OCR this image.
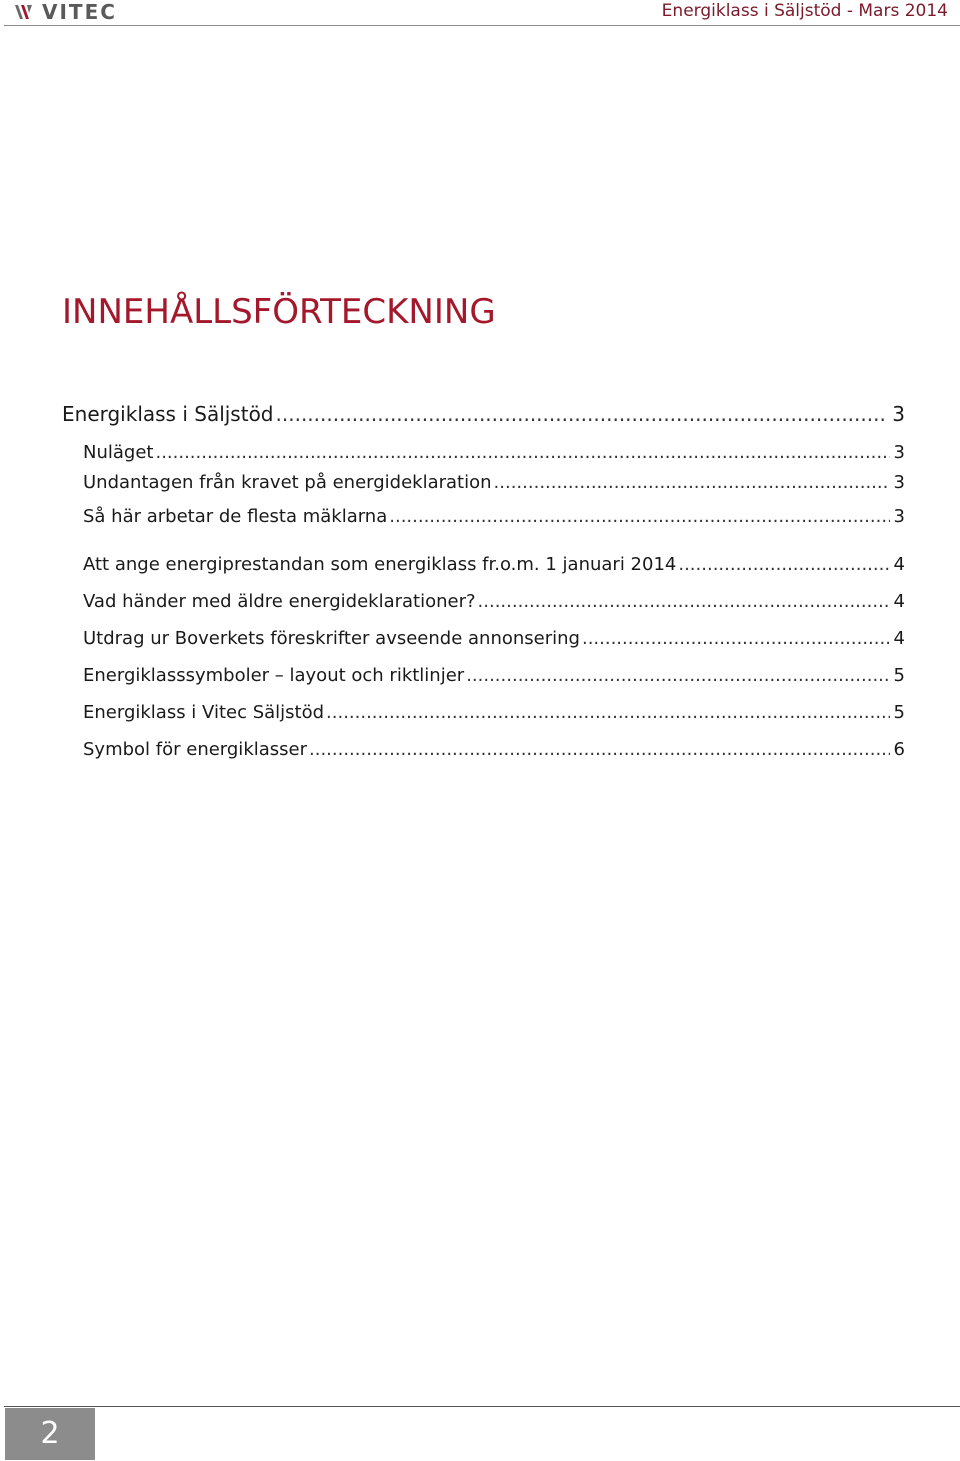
VITEC	Energiklass i Säljstöd - Mars 2014
INNEHÅLLSFÖRTECKNING
Energiklass i Säljstöd .....	3
Nuläget .....	3
Undantagen från kravet på energideklaration .....	3
Så här arbetar de flesta mäklarna .....	3
Att ange energiprestandan som energiklass fr.o.m. 1 januari 2014 .....	4
Vad händer med äldre energideklarationer? .....	4
Utdrag ur Boverkets föreskrifter avseende annonsering .....	4
Energiklasssymboler – layout och riktlinjer .....	5
Energiklass i Vitec Säljstöd .....	5
Symbol för energiklasser .....	6
2
